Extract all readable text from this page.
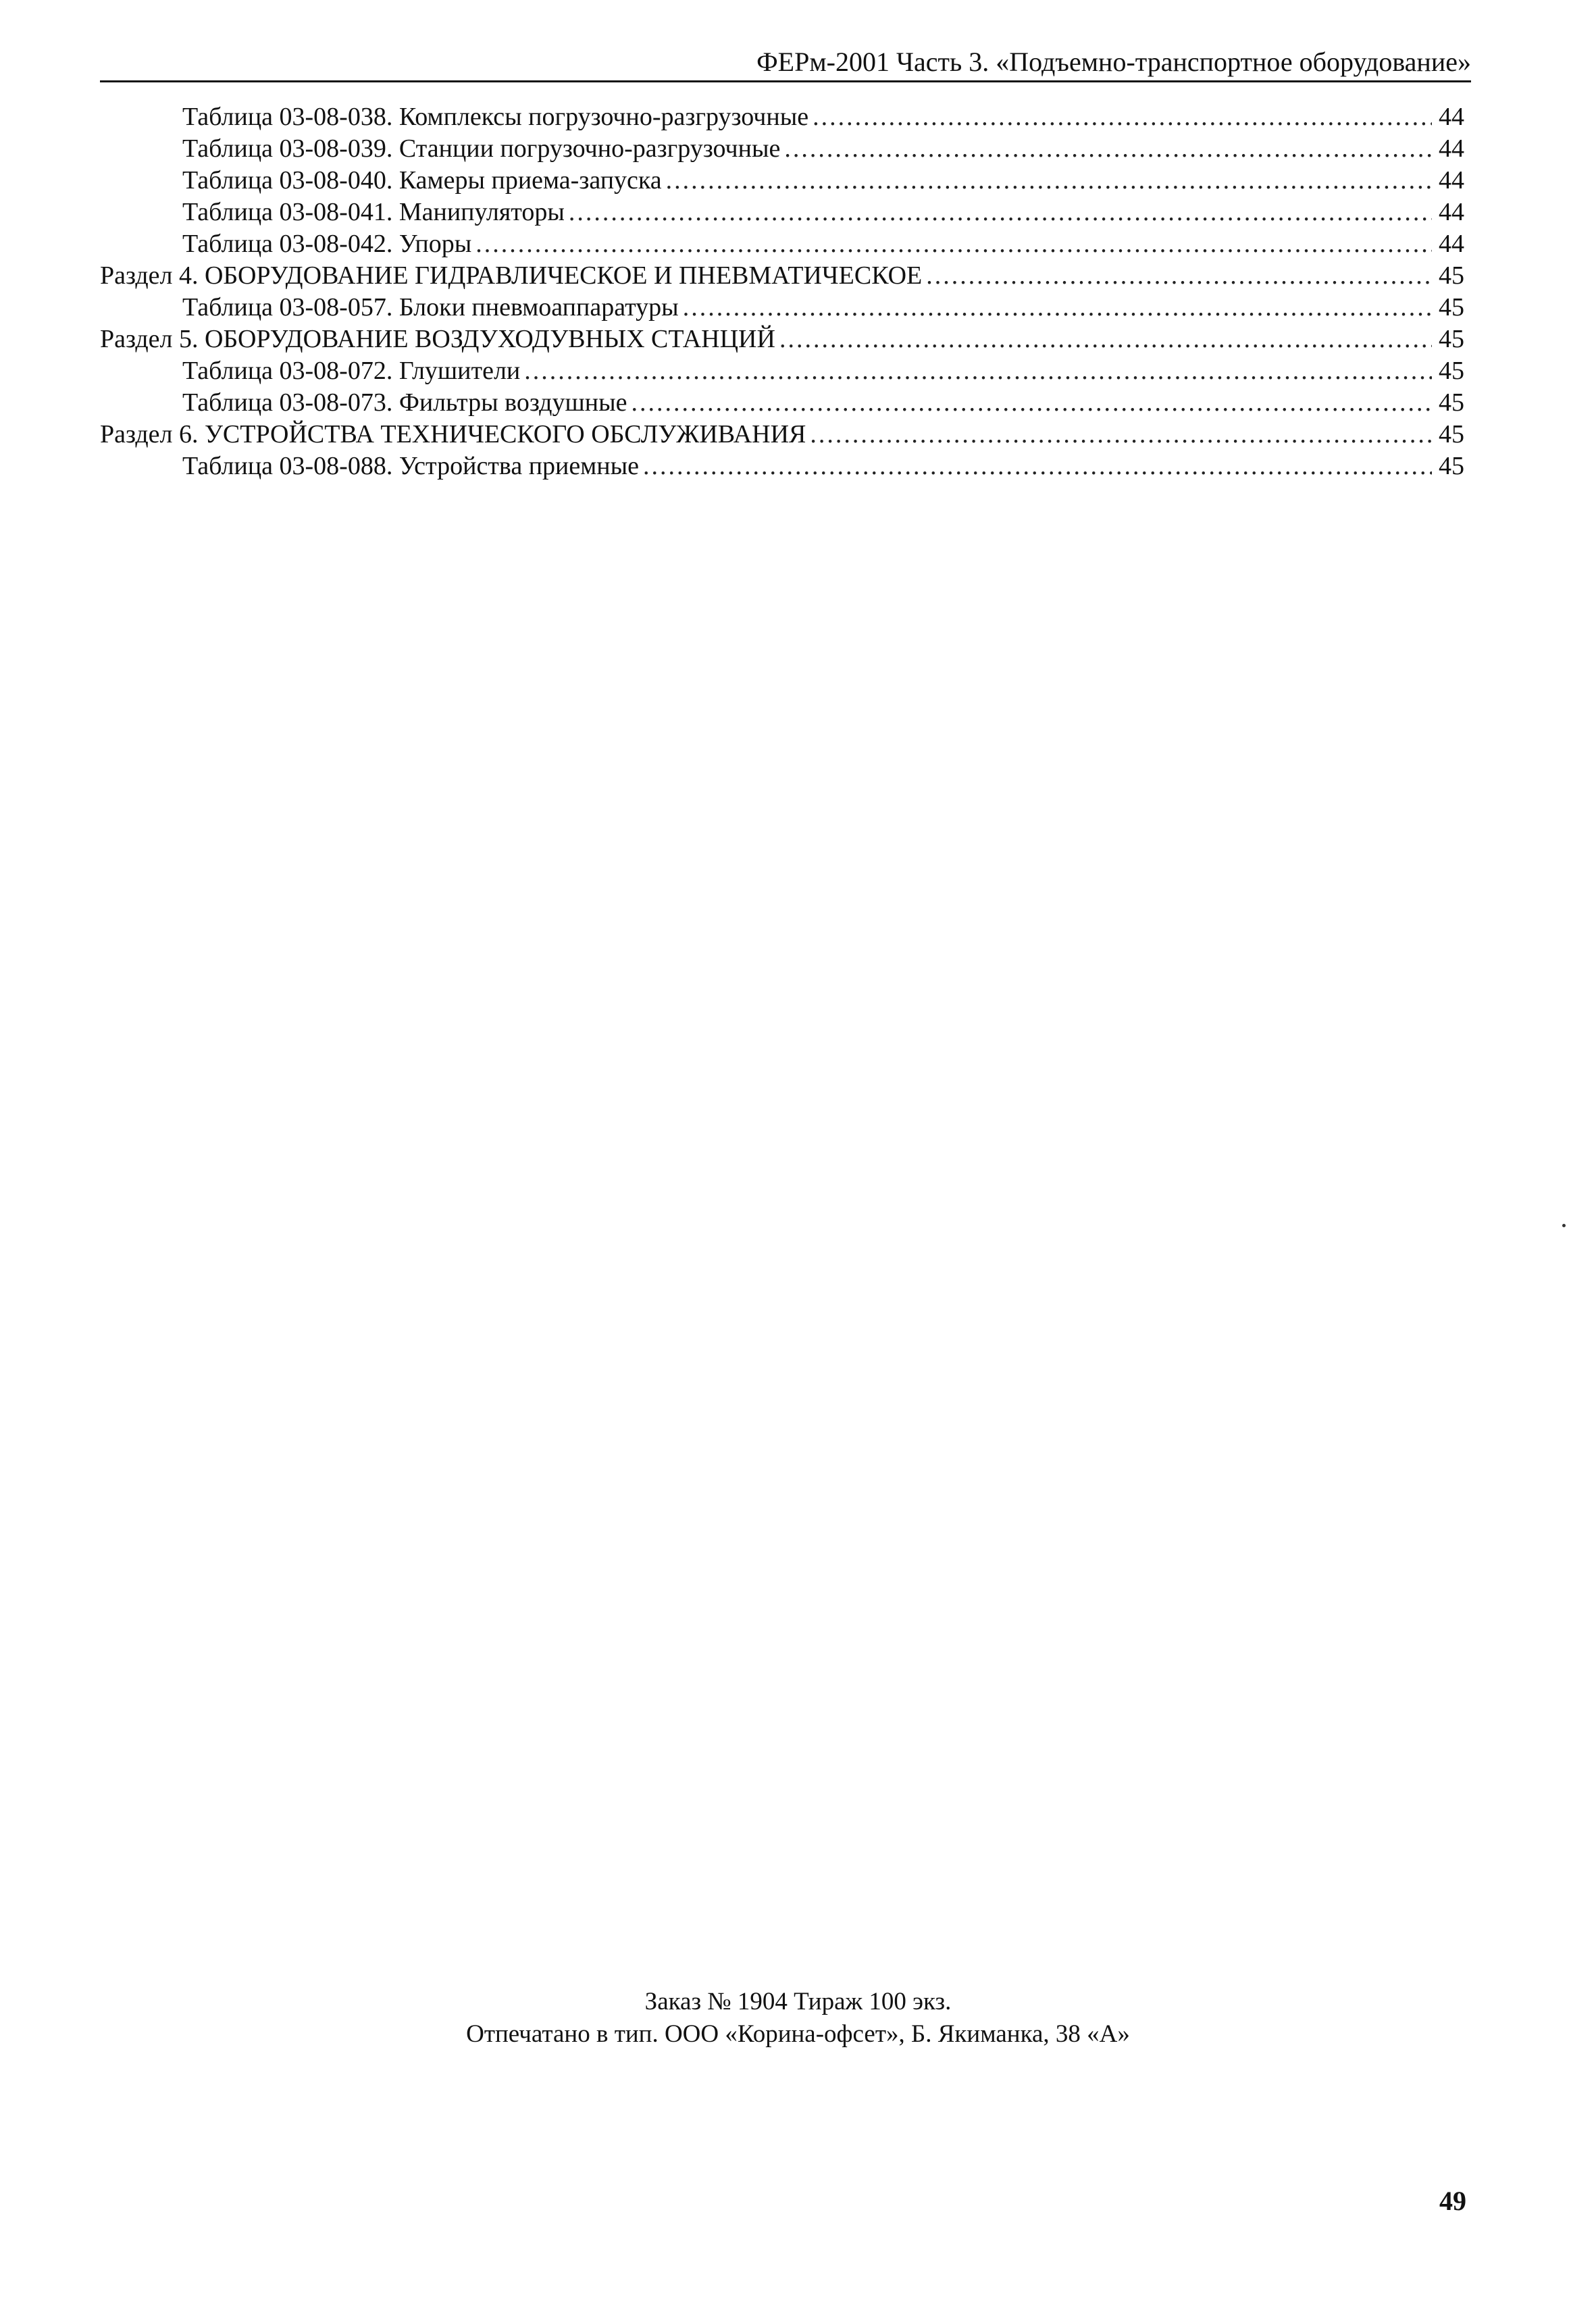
ФЕРм-2001 Часть 3. «Подъемно-транспортное оборудование»
Таблица 03-08-038. Комплексы погрузочно-разгрузочные .....	44
Таблица 03-08-039. Станции погрузочно-разгрузочные .....	44
Таблица 03-08-040. Камеры приема-запуска .....	44
Таблица 03-08-041. Манипуляторы .....	44
Таблица 03-08-042. Упоры .....	44
Раздел 4. ОБОРУДОВАНИЕ ГИДРАВЛИЧЕСКОЕ И ПНЕВМАТИЧЕСКОЕ .....	45
Таблица 03-08-057. Блоки пневмоаппаратуры .....	45
Раздел 5. ОБОРУДОВАНИЕ ВОЗДУХОДУВНЫХ СТАНЦИЙ .....	45
Таблица 03-08-072. Глушители .....	45
Таблица 03-08-073. Фильтры воздушные .....	45
Раздел 6. УСТРОЙСТВА ТЕХНИЧЕСКОГО ОБСЛУЖИВАНИЯ .....	45
Таблица 03-08-088. Устройства приемные .....	45
Заказ № 1904 Тираж 100 экз.
Отпечатано в тип. ООО «Корина-офсет», Б. Якиманка, 38 «А»
49
